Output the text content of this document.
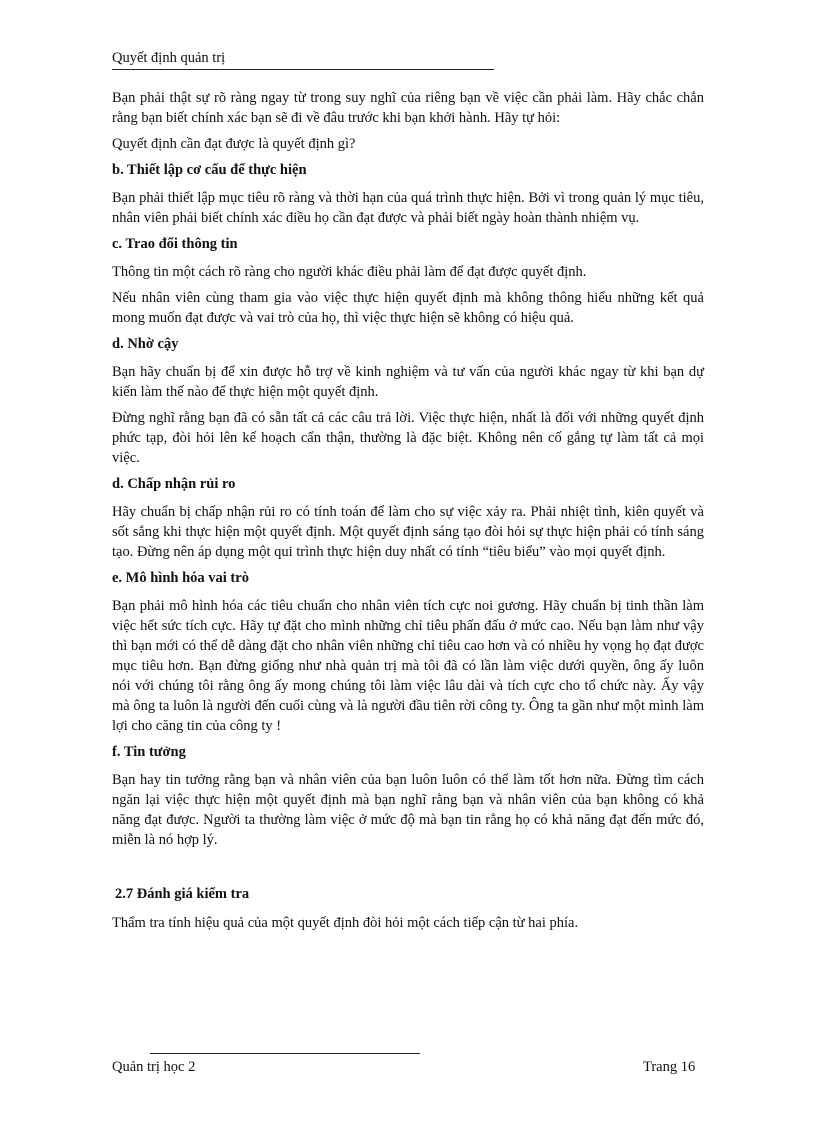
Quyết định quản trị

Bạn phải thật sự rõ ràng ngay từ trong suy nghĩ của riêng bạn về việc cần phải làm. Hãy chắc chắn rằng bạn biết chính xác bạn sẽ đi về đâu trước khi bạn khởi hành. Hãy tự hỏi:

Quyết định cần đạt được là quyết định gì?

b. Thiết lập cơ cấu để thực hiện

Bạn phải thiết lập mục tiêu rõ ràng và thời hạn của quá trình thực hiện. Bởi vì trong quản lý mục tiêu, nhân viên phải biết chính xác điều họ cần đạt được và phải biết ngày hoàn thành nhiệm vụ.

c. Trao đổi thông tin

Thông tin một cách rõ ràng cho người khác điều phải làm để đạt được quyết định.

Nếu nhân viên cùng tham gia vào việc thực hiện quyết định mà không thông hiểu những kết quả mong muốn đạt được và vai trò của họ, thì việc thực hiện sẽ không có hiệu quả.

d. Nhờ cậy

Bạn hãy chuẩn bị để xin được hỗ trợ về kinh nghiệm và tư vấn của người khác ngay từ khi bạn dự kiến làm thế nào để thực hiện một quyết định.

Đừng nghĩ rằng bạn đã có sẵn tất cả các câu trả lời. Việc thực hiện, nhất là đối với những quyết định phức tạp, đòi hỏi lên kế hoạch cẩn thận, thường là đặc biệt. Không nên cố gắng tự làm tất cả mọi việc.

d. Chấp nhận rủi ro

Hãy chuẩn bị chấp nhận rủi ro có tính toán để làm cho sự việc xảy ra. Phải nhiệt tình, kiên quyết và sốt sắng khi thực hiện một quyết định. Một quyết định sáng tạo đòi hỏi sự thực hiện phải có tính sáng tạo. Đừng nên áp dụng một qui trình thực hiện duy nhất có tính “tiêu biểu” vào mọi quyết định.

e. Mô hình hóa vai trò

Bạn phải mô hình hóa các tiêu chuẩn cho nhân viên tích cực noi gương. Hãy chuẩn bị tinh thần làm việc hết sức tích cực. Hãy tự đặt cho mình những chỉ tiêu phấn đấu ở mức cao. Nếu bạn làm như vậy thì bạn mới có thể dễ dàng đặt cho nhân viên những chỉ tiêu cao hơn và có nhiều hy vọng họ đạt được mục tiêu hơn. Bạn đừng giống như nhà quản trị mà tôi đã có lần làm việc dưới quyền, ông ấy luôn nói với chúng tôi rằng ông ấy mong chúng tôi làm việc lâu dài và tích cực cho tổ chức này. Ấy vậy mà ông ta luôn là người đến cuối cùng và là người đầu tiên rời công ty. Ông ta gần như một mình làm lợi cho căng tin của công ty !

f. Tin tưởng

Bạn hay tin tưởng rằng bạn và nhân viên của bạn luôn luôn có thể làm tốt hơn nữa. Đừng tìm cách ngăn lại việc thực hiện một quyết định mà bạn nghĩ rằng bạn và nhân viên của bạn không có khả năng đạt được. Người ta thường làm việc ở mức độ mà bạn tin rằng họ có khả năng đạt đến mức đó, miễn là nó hợp lý.

2.7 Đánh giá kiểm tra

Thẩm tra tính hiệu quả của một quyết định đòi hỏi một cách tiếp cận từ hai phía.

Quản trị học 2	Trang 16
